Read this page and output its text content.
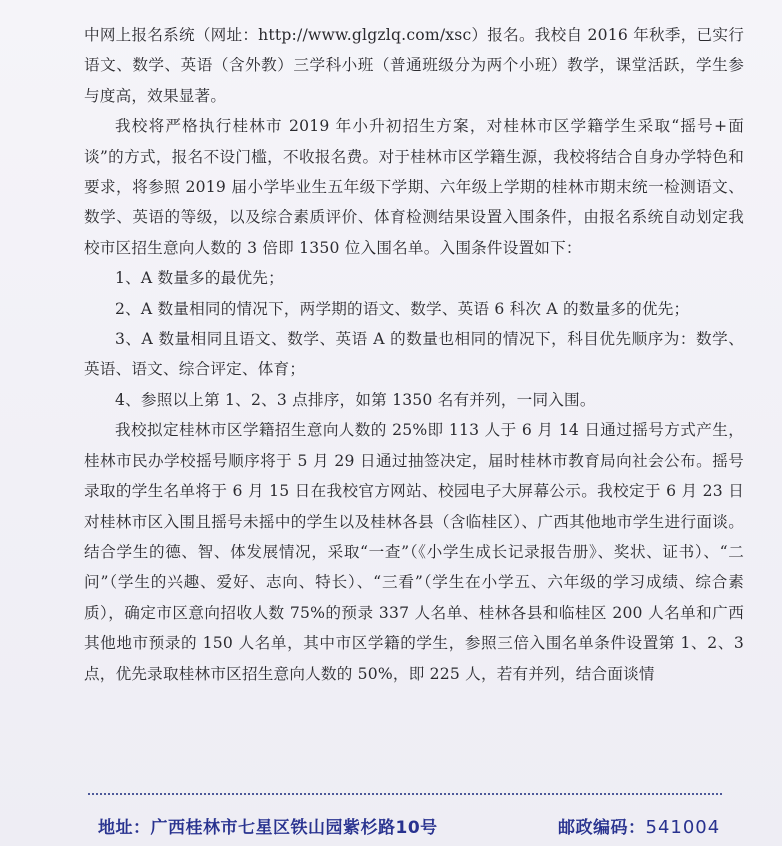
中网上报名系统（网址：http://www.glgzlq.com/xsc）报名。我校自 2016 年秋季，已实行语文、数学、英语（含外教）三学科小班（普通班级分为两个小班）教学，课堂活跃，学生参与度高，效果显著。

我校将严格执行桂林市 2019 年小升初招生方案，对桂林市区学籍学生采取“摇号+面谈”的方式，报名不设门槛，不收报名费。对于桂林市区学籍生源，我校将结合自身办学特色和要求，将参照 2019 届小学毕业生五年级下学期、六年级上学期的桂林市期末统一检测语文、数学、英语的等级，以及综合素质评价、体育检测结果设置入围条件，由报名系统自动划定我校市区招生意向人数的 3 倍即 1350 位入围名单。入围条件设置如下：

1、A 数量多的最优先；

2、A 数量相同的情况下，两学期的语文、数学、英语 6 科次 A 的数量多的优先；

3、A 数量相同且语文、数学、英语 A 的数量也相同的情况下，科目优先顺序为：数学、英语、语文、综合评定、体育；

4、参照以上第 1、2、3 点排序，如第 1350 名有并列，一同入围。

我校拟定桂林市区学籍招生意向人数的 25%即 113 人于 6 月 14 日通过摇号方式产生，桂林市民办学校摇号顺序将于 5 月 29 日通过抽签决定，届时桂林市教育局向社会公布。摇号录取的学生名单将于 6 月 15 日在我校官方网站、校园电子大屏幕公示。我校定于 6 月 23 日对桂林市区入围且摇号未摇中的学生以及桂林各县（含临桂区）、广西其他地市学生进行面谈。结合学生的德、智、体发展情况，采取“一查”（《小学生成长记录报告册》、奖状、证书）、“二问”（学生的兴趣、爱好、志向、特长）、“三看”（学生在小学五、六年级的学习成绩、综合素质），确定市区意向招收人数 75%的预录 337 人名单、桂林各县和临桂区 200 人名单和广西其他地市预录的 150 人名单，其中市区学籍的学生，参照三倍入围名单条件设置第 1、2、3 点，优先录取桂林市区招生意向人数的 50%，即 225 人，若有并列，结合面谈情

地址：广西桂林市七星区铁山园紫杉路10号	邮政编码：541004
